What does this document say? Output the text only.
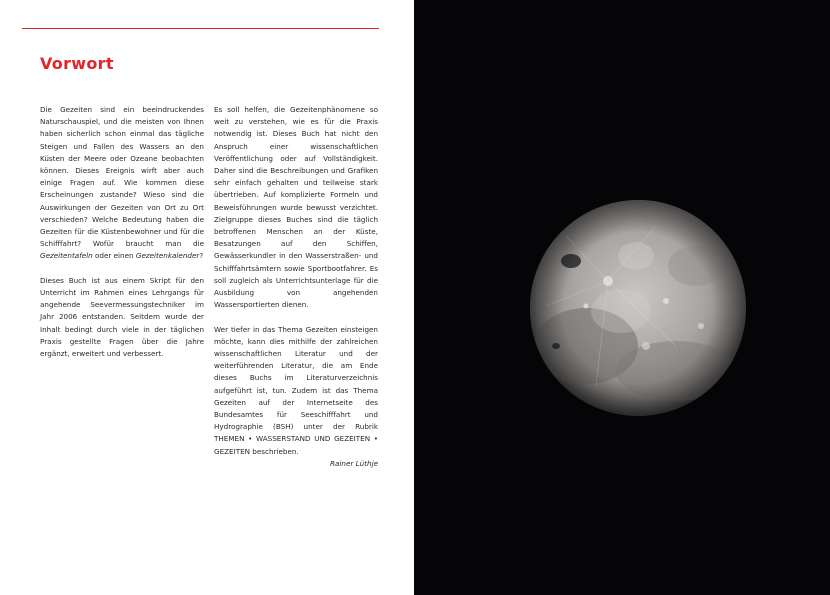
Vorwort

Die Gezeiten sind ein beeindruckendes Naturschauspiel, und die meisten von Ihnen haben sicherlich schon einmal das tägliche Steigen und Fallen des Wassers an den Küsten der Meere oder Ozeane beobachten können. Dieses Ereignis wirft aber auch einige Fragen auf. Wie kommen diese Erscheinungen zustande? Wieso sind die Auswirkungen der Gezeiten von Ort zu Ort verschieden? Welche Bedeutung haben die Gezeiten für die Küstenbewohner und für die Schifffahrt? Wofür braucht man die Gezeitentafeln oder einen Gezeitenkalender?

Dieses Buch ist aus einem Skript für den Unterricht im Rahmen eines Lehrgangs für angehende Seevermessungstechniker im Jahr 2006 entstanden. Seitdem wurde der Inhalt bedingt durch viele in der täglichen Praxis gestellte Fragen über die Jahre ergänzt, erweitert und verbessert.

Es soll helfen, die Gezeitenphänomene so weit zu verstehen, wie es für die Praxis notwendig ist. Dieses Buch hat nicht den Anspruch einer wissenschaftlichen Veröffentlichung oder auf Vollständigkeit. Daher sind die Beschreibungen und Grafiken sehr einfach gehalten und teilweise stark übertrieben. Auf komplizierte Formeln und Beweisführungen wurde bewusst verzichtet. Zielgruppe dieses Buches sind die täglich betroffenen Menschen an der Küste, Besatzungen auf den Schiffen, Gewässerkundler in den Wasserstraßen- und Schifffahrtsämtern sowie Sportbootfahrer. Es soll zugleich als Unterrichtsunterlage für die Ausbildung von angehenden Wassersportierten dienen.

Wer tiefer in das Thema Gezeiten einsteigen möchte, kann dies mithilfe der zahlreichen wissenschaftlichen Literatur und der weiterführenden Literatur, die am Ende dieses Buchs im Literaturverzeichnis aufgeführt ist, tun. Zudem ist das Thema Gezeiten auf der Internetseite des Bundesamtes für Seeschifffahrt und Hydrographie (BSH) unter der Rubrik THEMEN • WASSERSTAND UND GEZEITEN • GEZEITEN beschrieben.

Rainer Lüthje
